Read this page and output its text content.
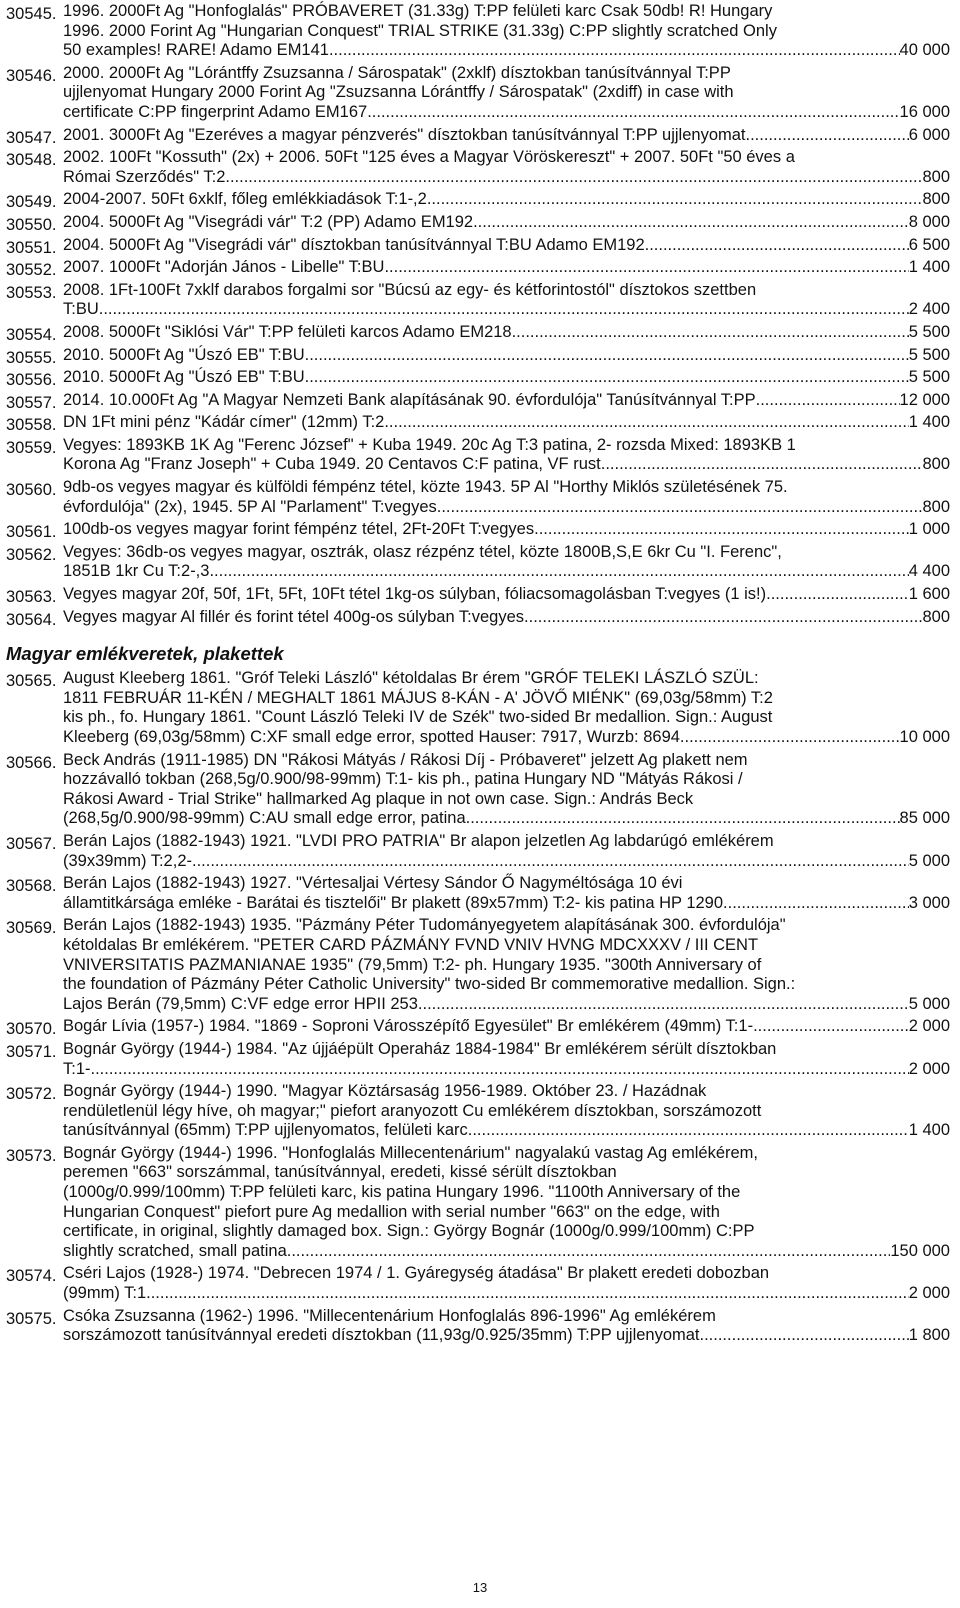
30545. 1996. 2000Ft Ag "Honfoglalás" PRÓBAVERET (31.33g) T:PP felületi karc Csak 50db! R! Hungary
1996. 2000 Forint Ag "Hungarian Conquest" TRIAL STRIKE (31.33g) C:PP slightly scratched Only
50 examples! RARE! Adamo EM141 .....	40 000
30546. 2000. 2000Ft Ag "Lórántffy Zsuzsanna / Sárospatak" (2xklf) dísztokban tanúsítvánnyal T:PP
ujjlenyomat Hungary 2000 Forint Ag "Zsuzsanna Lórántffy / Sárospatak" (2xdiff) in case with
certificate C:PP fingerprint Adamo EM167 .....	16 000
30547. 2001. 3000Ft Ag "Ezeréves a magyar pénzverés" dísztokban tanúsítvánnyal T:PP ujjlenyomat .....	6 000
30548. 2002. 100Ft "Kossuth" (2x) + 2006. 50Ft "125 éves a Magyar Vöröskereszt" + 2007. 50Ft "50 éves a
Római Szerződés" T:2 .....	800
30549. 2004-2007. 50Ft 6xklf, főleg emlékkiadások T:1-,2 .....	800
30550. 2004. 5000Ft Ag "Visegrádi vár" T:2 (PP) Adamo EM192 .....	8 000
30551. 2004. 5000Ft Ag "Visegrádi vár" dísztokban tanúsítvánnyal T:BU Adamo EM192 .....	6 500
30552. 2007. 1000Ft "Adorján János - Libelle" T:BU .....	1 400
30553. 2008. 1Ft-100Ft 7xklf darabos forgalmi sor "Búcsú az egy- és kétforintostól" dísztokos szettben
T:BU .....	2 400
30554. 2008. 5000Ft "Siklósi Vár" T:PP felületi karcos Adamo EM218 .....	5 500
30555. 2010. 5000Ft Ag "Úszó EB" T:BU .....	5 500
30556. 2010. 5000Ft Ag "Úszó EB" T:BU .....	5 500
30557. 2014. 10.000Ft Ag "A Magyar Nemzeti Bank alapításának 90. évfordulója" Tanúsítvánnyal T:PP .....	12 000
30558. DN 1Ft mini pénz "Kádár címer" (12mm) T:2 .....	1 400
30559. Vegyes: 1893KB 1K Ag "Ferenc József" + Kuba 1949. 20c Ag T:3 patina, 2- rozsda Mixed: 1893KB 1
Korona Ag "Franz Joseph" + Cuba 1949. 20 Centavos C:F patina, VF rust .....	800
30560. 9db-os vegyes magyar és külföldi fémpénz tétel, közte 1943. 5P Al "Horthy Miklós születésének 75.
évfordulója" (2x), 1945. 5P Al "Parlament" T:vegyes .....	800
30561. 100db-os vegyes magyar forint fémpénz tétel, 2Ft-20Ft T:vegyes .....	1 000
30562. Vegyes: 36db-os vegyes magyar, osztrák, olasz rézpénz tétel, közte 1800B,S,E 6kr Cu "I. Ferenc",
1851B 1kr Cu T:2-,3 .....	4 400
30563. Vegyes magyar 20f, 50f, 1Ft, 5Ft, 10Ft tétel 1kg-os súlyban, fóliacsomagolásban T:vegyes (1 is!) .....	1 600
30564. Vegyes magyar Al fillér és forint tétel 400g-os súlyban T:vegyes .....	800
Magyar emlékveretek, plakettek
30565. August Kleeberg 1861. "Gróf Teleki László" kétoldalas Br érem "GRÓF TELEKI LÁSZLÓ SZÜL:
1811 FEBRUÁR 11-KÉN / MEGHALT 1861 MÁJUS 8-KÁN - A' JÖVŐ MIÉNK" (69,03g/58mm) T:2
kis ph., fo. Hungary 1861. "Count László Teleki IV de Szék" two-sided Br medallion. Sign.: August
Kleeberg (69,03g/58mm) C:XF small edge error, spotted Hauser: 7917, Wurzb: 8694. .....	10 000
30566. Beck András (1911-1985) DN "Rákosi Mátyás / Rákosi Díj - Próbaveret" jelzett Ag plakett nem
hozzávalló tokban (268,5g/0.900/98-99mm) T:1- kis ph., patina Hungary ND "Mátyás Rákosi /
Rákosi Award - Trial Strike" hallmarked Ag plaque in not own case. Sign.: András Beck
(268,5g/0.900/98-99mm) C:AU small edge error, patina .....	85 000
30567. Berán Lajos (1882-1943) 1921. "LVDI PRO PATRIA" Br alapon jelzetlen Ag labdarúgó emlékérem
(39x39mm) T:2,2- .....	5 000
30568. Berán Lajos (1882-1943) 1927. "Vértesaljai Vértesy Sándor Ő Nagyméltósága 10 évi
államtitkársága emléke - Barátai és tisztelői" Br plakett (89x57mm) T:2- kis patina HP 1290 .....	3 000
30569. Berán Lajos (1882-1943) 1935. "Pázmány Péter Tudományegyetem alapításának 300. évfordulója"
kétoldalas Br emlékérem. "PETER CARD PÁZMÁNY FVND VNIV HVNG MDCXXXV / III CENT
VNIVERSITATIS PAZMANIANAE 1935" (79,5mm) T:2- ph. Hungary 1935. "300th Anniversary of
the foundation of Pázmány Péter Catholic University" two-sided Br commemorative medallion. Sign.:
Lajos Berán (79,5mm) C:VF edge error HPII 253. .....	5 000
30570. Bogár Lívia (1957-) 1984. "1869 - Soproni Városszépítő Egyesület" Br emlékérem (49mm) T:1- .....	2 000
30571. Bognár György (1944-) 1984. "Az újjáépült Operaház 1884-1984" Br emlékérem sérült dísztokban
T:1- .....	2 000
30572. Bognár György (1944-) 1990. "Magyar Köztársaság 1956-1989. Október 23. / Hazádnak
rendületlenül légy híve, oh magyar;" piefort aranyozott Cu emlékérem dísztokban, sorszámozott
tanúsítvánnyal (65mm) T:PP ujjlenyomatos, felületi karc .....	1 400
30573. Bognár György (1944-) 1996. "Honfoglalás Millecentenárium" nagyalakú vastag Ag emlékérem,
peremen "663" sorszámmal, tanúsítvánnyal, eredeti, kissé sérült dísztokban
(1000g/0.999/100mm) T:PP felületi karc, kis patina Hungary 1996. "1100th Anniversary of the
Hungarian Conquest" piefort pure Ag medallion with serial number "663" on the edge, with
certificate, in original, slightly damaged box. Sign.: György Bognár (1000g/0.999/100mm) C:PP
slightly scratched, small patina .....	150 000
30574. Cséri Lajos (1928-) 1974. "Debrecen 1974 / 1. Gyáregység átadása" Br plakett eredeti dobozban
(99mm) T:1 .....	2 000
30575. Csóka Zsuzsanna (1962-) 1996. "Millecentenárium Honfoglalás 896-1996" Ag emlékérem
sorszámozott tanúsítvánnyal eredeti dísztokban (11,93g/0.925/35mm) T:PP ujjlenyomat .....	1 800
13
